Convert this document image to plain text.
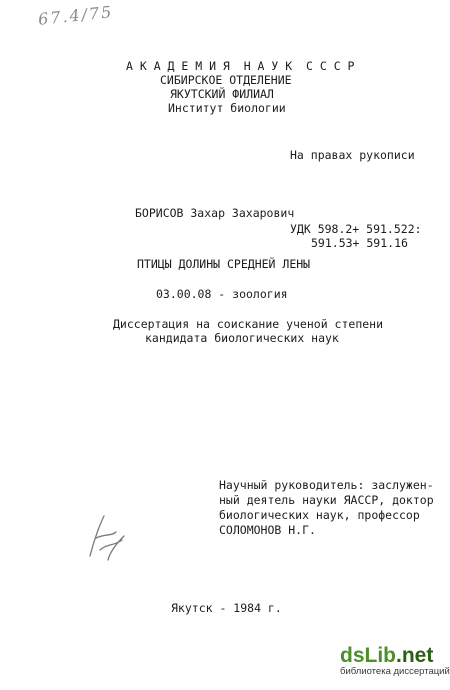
67.4/75
А К А Д Е М И Я  Н А У К  С С С Р
СИБИРСКОЕ ОТДЕЛЕНИЕ
ЯКУТСКИЙ ФИЛИАЛ
Институт биологии
На правах рукописи
БОРИСОВ Захар Захарович
УДК 598.2+ 591.522:
591.53+ 591.16
ПТИЦЫ ДОЛИНЫ СРЕДНЕЙ ЛЕНЫ
03.00.08 - зоология
Диссертация на соискание ученой степени
кандидата биологических наук
Научный руководитель: заслужен-
ный деятель науки ЯАССР, доктор
биологических наук, профессор
СОЛОМОНОВ Н.Г.
Якутск - 1984 г.
dsLib.net
библиотека диссертаций
